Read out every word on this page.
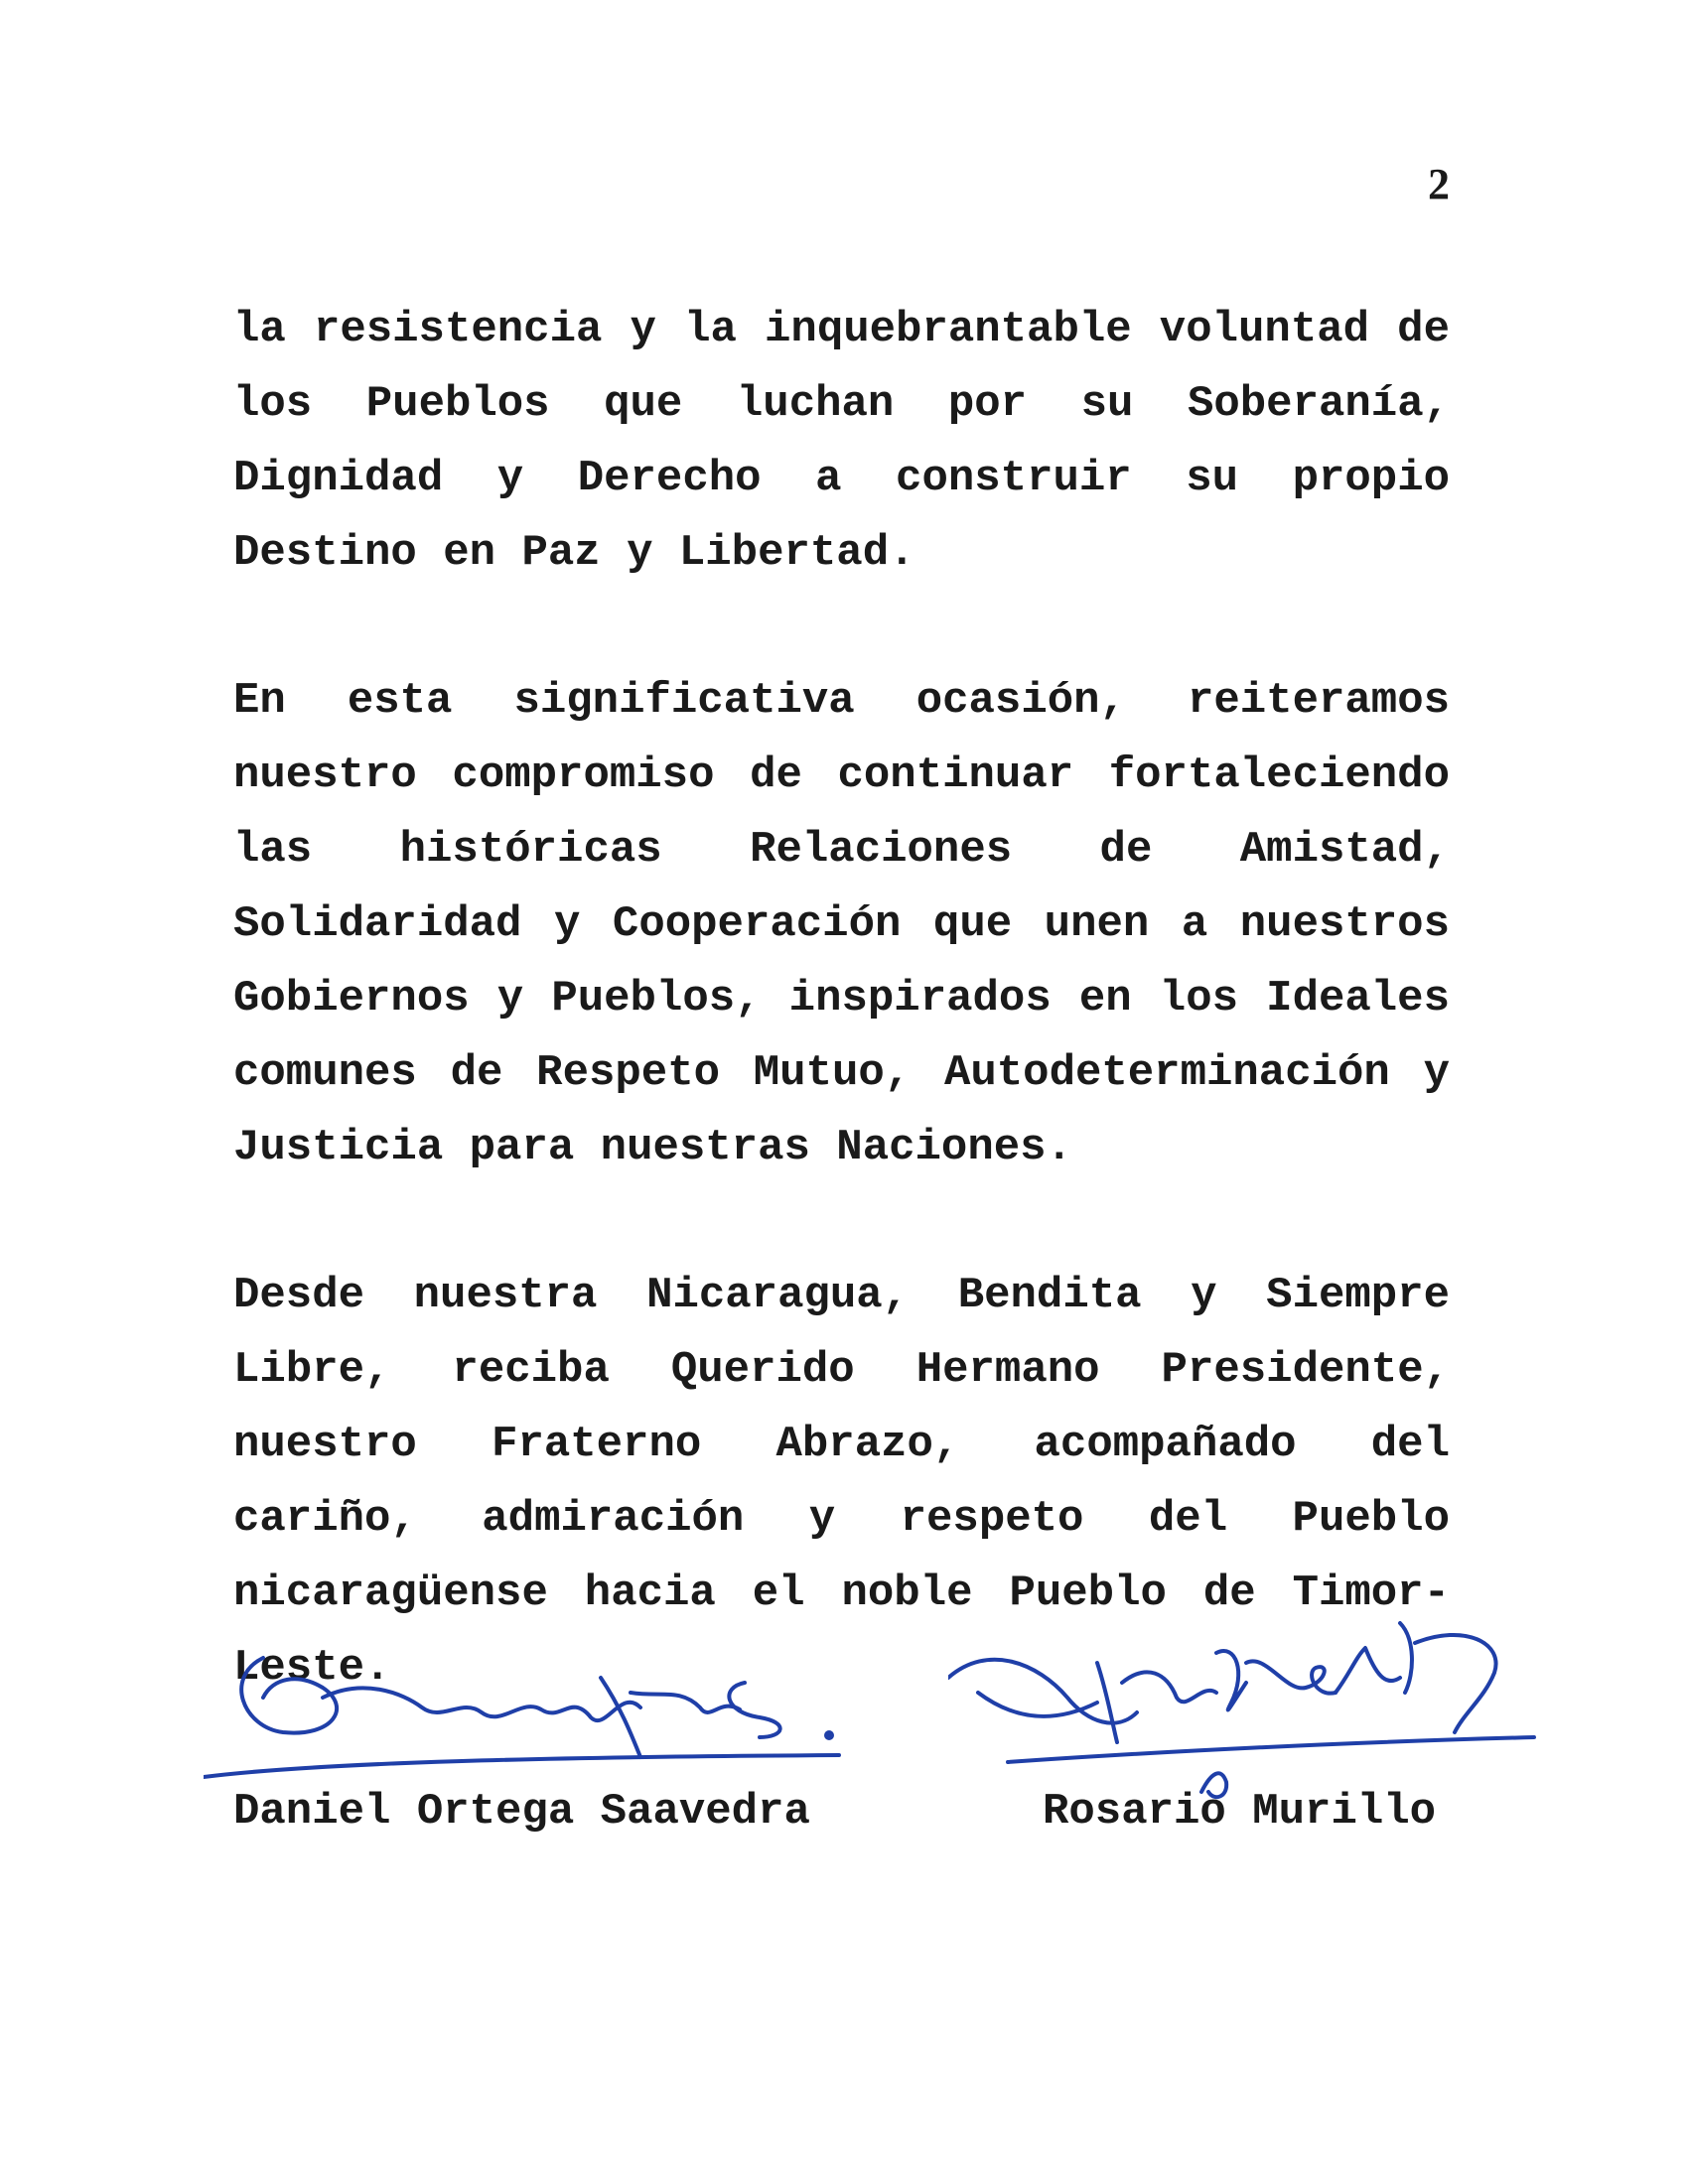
2

la resistencia y la inquebrantable voluntad de los Pueblos que luchan por su Soberanía, Dignidad y Derecho a construir su propio Destino en Paz y Libertad.

En esta significativa ocasión, reiteramos nuestro compromiso de continuar fortaleciendo las históricas Relaciones de Amistad, Solidaridad y Cooperación que unen a nuestros Gobiernos y Pueblos, inspirados en los Ideales comunes de Respeto Mutuo, Autodeterminación y Justicia para nuestras Naciones.

Desde nuestra Nicaragua, Bendita y Siempre Libre, reciba Querido Hermano Presidente, nuestro Fraterno Abrazo, acompañado del cariño, admiración y respeto del Pueblo nicaragüense hacia el noble Pueblo de Timor-Leste.

Daniel Ortega Saavedra	Rosario Murillo
